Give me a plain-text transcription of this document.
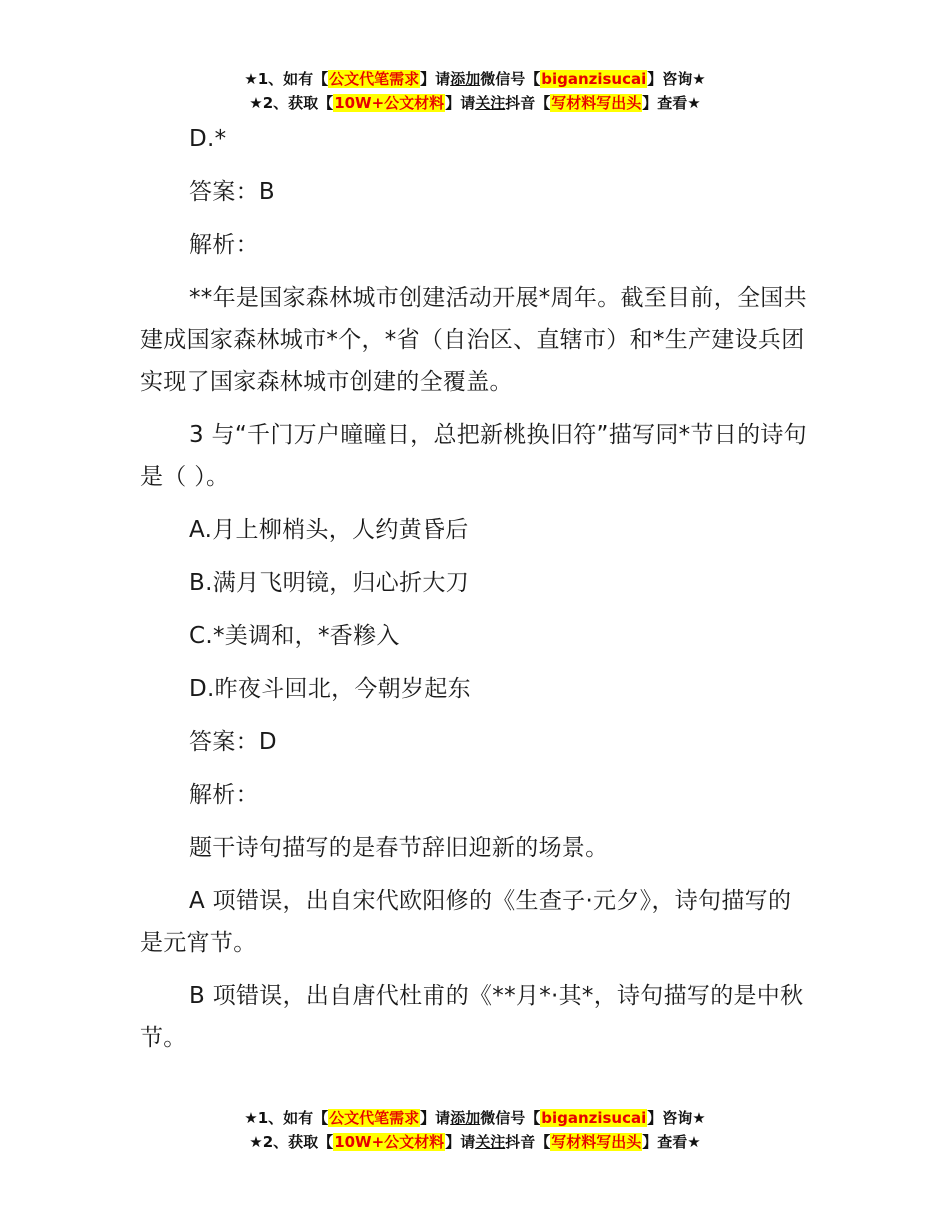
★1、如有【公文代笔需求】请添加微信号【biganzisucai】咨询★
★2、获取【10W+公文材料】请关注抖音【写材料写出头】查看★

D.*

答案：B

解析：

**年是国家森林城市创建活动开展*周年。截至目前，全国共建成国家森林城市*个，*省（自治区、直辖市）和*生产建设兵团实现了国家森林城市创建的全覆盖。

3 与“千门万户曈曈日，总把新桃换旧符”描写同*节日的诗句是（ ）。

A.月上柳梢头，人约黄昏后

B.满月飞明镜，归心折大刀

C.*美调和，*香糁入

D.昨夜斗回北，今朝岁起东

答案：D

解析：

题干诗句描写的是春节辞旧迎新的场景。

A 项错误，出自宋代欧阳修的《生查子·元夕》，诗句描写的是元宵节。

B 项错误，出自唐代杜甫的《**月*·其*，诗句描写的是中秋节。

★1、如有【公文代笔需求】请添加微信号【biganzisucai】咨询★
★2、获取【10W+公文材料】请关注抖音【写材料写出头】查看★
